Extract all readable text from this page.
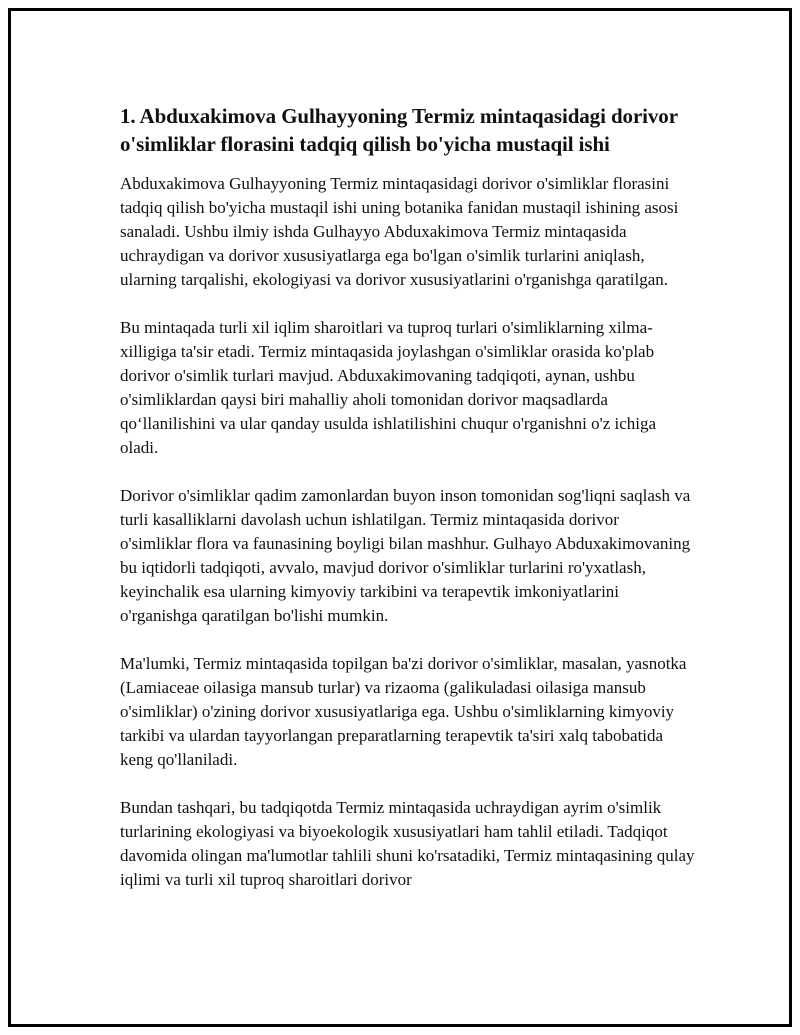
1. Abduxakimova Gulhayyoning Termiz mintaqasidagi dorivor o'simliklar florasini tadqiq qilish bo'yicha mustaqil ishi

Abduxakimova Gulhayyoning Termiz mintaqasidagi dorivor o'simliklar florasini tadqiq qilish bo'yicha mustaqil ishi uning botanika fanidan mustaqil ishining asosi sanaladi. Ushbu ilmiy ishda Gulhayyo Abduxakimova Termiz mintaqasida uchraydigan va dorivor xususiyatlarga ega bo'lgan o'simlik turlarini aniqlash, ularning tarqalishi, ekologiyasi va dorivor xususiyatlarini o'rganishga qaratilgan.

Bu mintaqada turli xil iqlim sharoitlari va tuproq turlari o'simliklarning xilma-xilligiga ta'sir etadi. Termiz mintaqasida joylashgan o'simliklar orasida ko'plab dorivor o'simlik turlari mavjud. Abduxakimovaning tadqiqoti, aynan, ushbu o'simliklardan qaysi biri mahalliy aholi tomonidan dorivor maqsadlarda qo‘llanilishini va ular qanday usulda ishlatilishini chuqur o'rganishni o'z ichiga oladi.

Dorivor o'simliklar qadim zamonlardan buyon inson tomonidan sog'liqni saqlash va turli kasalliklarni davolash uchun ishlatilgan. Termiz mintaqasida dorivor o'simliklar flora va faunasining boyligi bilan mashhur. Gulhayo Abduxakimovaning bu iqtidorli tadqiqoti, avvalo, mavjud dorivor o'simliklar turlarini ro'yxatlash, keyinchalik esa ularning kimyoviy tarkibini va terapevtik imkoniyatlarini o'rganishga qaratilgan bo'lishi mumkin.

Ma'lumki, Termiz mintaqasida topilgan ba'zi dorivor o'simliklar, masalan, yasnotka (Lamiaceae oilasiga mansub turlar) va rizaoma (galikuladasi oilasiga mansub o'simliklar) o'zining dorivor xususiyatlariga ega. Ushbu o'simliklarning kimyoviy tarkibi va ulardan tayyorlangan preparatlarning terapevtik ta'siri xalq tabobatida keng qo'llaniladi.

Bundan tashqari, bu tadqiqotda Termiz mintaqasida uchraydigan ayrim o'simlik turlarining ekologiyasi va biyoekologik xususiyatlari ham tahlil etiladi. Tadqiqot davomida olingan ma'lumotlar tahlili shuni ko'rsatadiki, Termiz mintaqasining qulay iqlimi va turli xil tuproq sharoitlari dorivor
